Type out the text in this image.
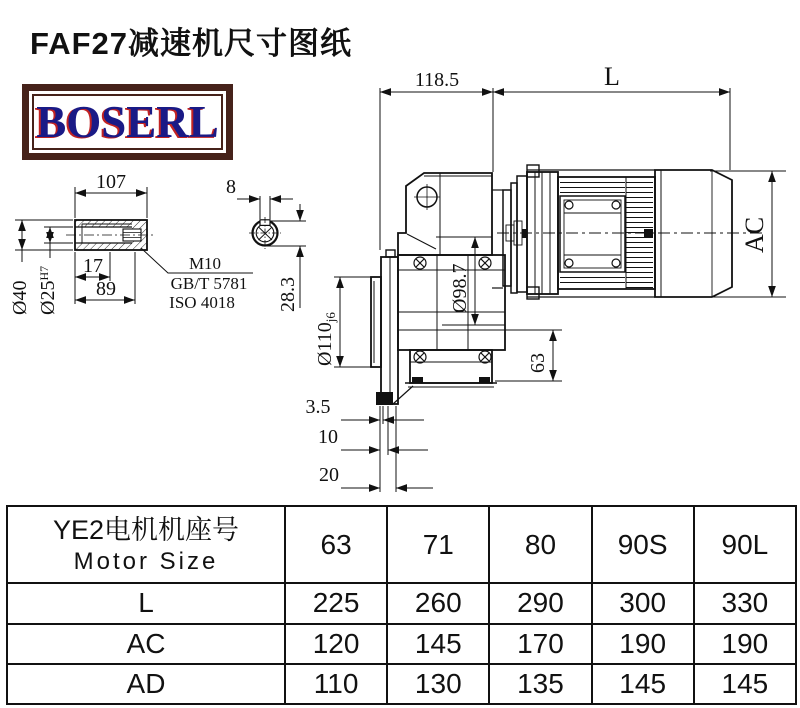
FAF27减速机尺寸图纸
BOSERL
107	8
17
89
Ø40 $Ø25^{H7}$
28.3
M10
GB/T 5781
ISO 4018
118.5	L
AC
Ø98.7
$Ø110_{j6}$
63
3.5
10
20
YE2电机机座号
Motor Size	63	71	80	90S	90L
L	225	260	290	300	330
AC	120	145	170	190	190
AD	110	130	135	145	145
